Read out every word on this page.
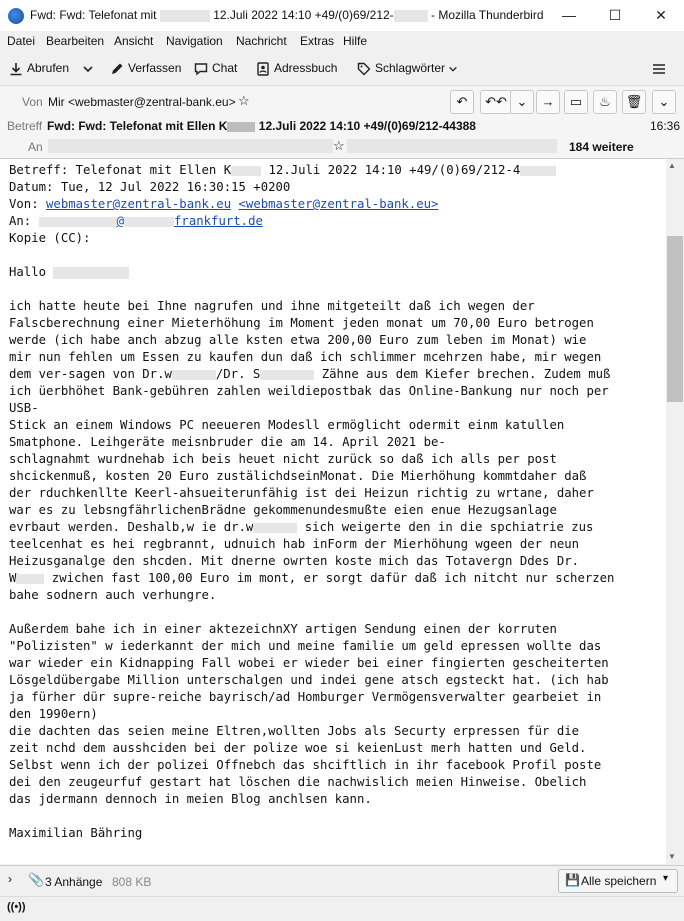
Fwd: Fwd: Telefonat mit	12.Juli 2022 14:10 +49/(0)69/212-	- Mozilla Thunderbird	—	☐	✕
Datei Bearbeiten Ansicht Navigation Nachricht Extras Hilfe
Abrufen	Verfassen	Chat	Adressbuch	Schlagwörter
Von Mir <webmaster@zentral-bank.eu> ☆	↶	↶↶ ⌄	→	▭	♨	🗑	⌄
Betreff Fwd: Fwd: Telefonat mit Ellen K	12.Juli 2022 14:10 +49/(0)69/212-44388	16:36
An	☆	184 weitere
Betreff: Telefonat mit Ellen K 12.Juli 2022 14:10 +49/(0)69/212-4
Datum: Tue, 12 Jul 2022 16:30:15 +0200
Von: webmaster@zentral-bank.eu <webmaster@zentral-bank.eu>
An:	@	frankfurt.de
Kopie (CC):

Hallo

ich hatte heute bei Ihne nagrufen und ihne mitgeteilt daß ich wegen der
Falscberechnung einer Mieterhöhung im Moment jeden monat um 70,00 Euro betrogen
werde (ich habe anch abzug alle ksten etwa 200,00 Euro zum leben im Monat) wie
mir nun fehlen um Essen zu kaufen dun daß ich schlimmer mcehrzen habe, mir wegen
dem ver-sagen von Dr.w	/Dr. S	Zähne aus dem Kiefer brechen. Zudem muß
ich üerbhöhet Bank-gebühren zahlen weildiepostbak das Online-Bankung nur noch per
USB-
Stick an einem Windows PC neeueren Modesll ermöglicht odermit einm katullen
Smatphone. Leihgeräte meisnbruder die am 14. April 2021 be-
schlagnahmt wurdnehab ich beis heuet nicht zurück so daß ich alls per post
shcickenmuß, kosten 20 Euro zustälichdseinMonat. Die Mierhöhung kommtdaher daß
der rduchkenllte Keerl-ahsueiterunfähig ist dei Heizun richtig zu wrtane, daher
war es zu lebsngfährlichenBrädne gekommenundesmußte eien enue Hezugsanlage
evrbaut werden. Deshalb,w ie dr.w	sich weigerte den in die spchiatrie zus
teelcenhat es hei regbrannt, udnuich hab inForm der Mierhöhung wgeen der neun
Heizusganalge den shcden. Mit dnerne owrten koste mich das Totavergn Ddes Dr.
W	zwichen fast 100,00 Euro im mont, er sorgt dafür daß ich nitcht nur scherzen
bahe sodnern auch verhungre.

Außerdem bahe ich in einer aktezeichnXY artigen Sendung einen der korruten
"Polizisten" w iederkannt der mich und meine familie um geld epressen wollte das
war wieder ein Kidnapping Fall wobei er wieder bei einer fingierten gescheiterten
Lösgeldübergabe Million unterschalgen und indei gene atsch egsteckt hat. (ich hab
ja fürher dür supre-reiche bayrisch/ad Homburger Vermögensverwalter gearbeiet in
den 1990ern)
die dachten das seien meine Eltren,wollten Jobs als Securty erpressen für die
zeit nchd dem ausshciden bei der polize woe si keienLust merh hatten und Geld.
Selbst wenn ich der polizei Offnebch das shciftlich in ihr facebook Profil poste
dei den zeugeurfuf gestart hat löschen die nachwislich meien Hinweise. Obelich
das jdermann dennoch in meien Blog anchlsen kann.

Maximilian Bähring
▲
▼
› 📎 3 Anhänge 808 KB	💾 Alle speichern ▾
((•))
